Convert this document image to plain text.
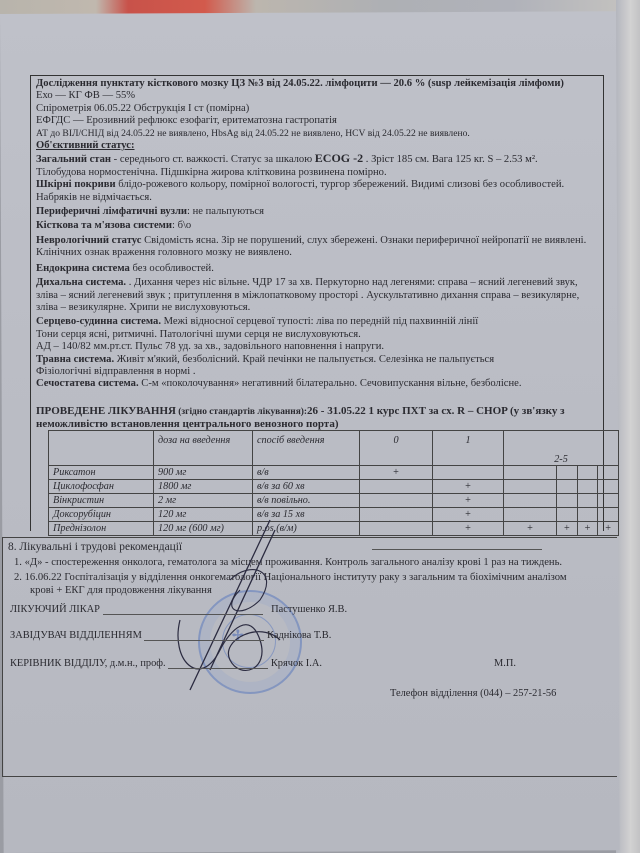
Дослідження пунктату кісткового мозку ЦЗ №3 від 24.05.22. лімфоцити — 20.6 % (susp лейкемізація лімфоми)

Ехо — КГ ФВ — 55%

Спірометрія 06.05.22 Обструкція І ст (помірна)

ЕФГДС — Ерозивний рефлюкс езофагіт, еритематозна гастропатія

АТ до ВІЛ/СНІД від 24.05.22 не виявлено, HbsAg від 24.05.22 не виявлено, HCV від 24.05.22 не виявлено.

Об'єктивний статус:

Загальний стан - середнього ст. важкості. Статус за шкалою ECOG -2 . Зріст 185 см. Вага 125 кг. S – 2.53 м².

Тілобудова нормостенічна. Підшкірна жирова клітковина розвинена помірно.

Шкірні покриви блідо-рожевого кольору, помірної вологості, тургор збережений. Видимі слизові без особливостей. Набряків не відмічається.

Периферичні лімфатичні вузли: не пальпуються

Кісткова та м'язова системи: б\о

Неврологічний статус Свідомість ясна. Зір не порушений, слух збережені. Ознаки периферичної нейропатії не виявлені. Клінічних ознак враження головного мозку не виявлено.

Ендокрина система без особливостей.

Дихальна система. . Дихання через ніс вільне. ЧДР 17 за хв. Перкуторно над легенями: справа – ясний легеневий звук, зліва – ясний легеневий звук ; притуплення в міжлопатковому просторі . Аускультативно дихання справа – везикулярне, зліва – везикулярне. Хрипи не вислуховуються.

Серцево-судинна система. Межі відносної серцевої тупості: ліва по передній під пахвинній лінії

Тони серця ясні, ритмичні. Патологічні шуми серця не вислуховуються.

АД – 140/82 мм.рт.ст. Пульс 78 уд. за хв., задовільного наповнення і напруги.

Травна система. Живіт м'який, безболісний. Край печінки не пальпується. Селезінка не пальпується

Фізіологічні відправлення в нормі .

Сечостатева система. С-м «поколочування» негативний білатерально. Сечовипускання вільне, безболісне.

ПРОВЕДЕНЕ ЛІКУВАННЯ (згідно стандартів лікування):26 - 31.05.22 1 курс ПХТ за сх. R – CHOP (у зв'язку з неможливістю встановлення центрального венозного порта)

	доза на введення	спосіб введення	0	1	2-5			
Риксатон	900 мг	в/в	+					
Циклофосфан	1800 мг	в/в за 60 хв		+				
Вінкристин	2 мг	в/в повільно.		+				
Доксорубіцин	120 мг	в/в за 15 хв		+				
Преднізолон	120 мг (600 мг)	p.os (в/м)		+	+	+	+	+
8. Лікувальні і трудові рекомендації
1. «Д» - спостереження онколога, гематолога за місцем проживання. Контроль загального аналізу крові 1 раз на тиждень.
2. 16.06.22 Госпіталізація у відділення онкогематології Національного інституту раку з загальним та біохімічним аналізом
крові + ЕКГ для продовження лікування
✢
ЛІКУЮЧИЙ ЛІКАР	Пастушенко Я.В.
ЗАВІДУВАЧ ВІДДІЛЕННЯМ	Каднікова Т.В.
КЕРІВНИК ВІДДІЛУ, д.м.н., проф.	Крячок І.А.	М.П.
Телефон відділення (044) – 257-21-56
